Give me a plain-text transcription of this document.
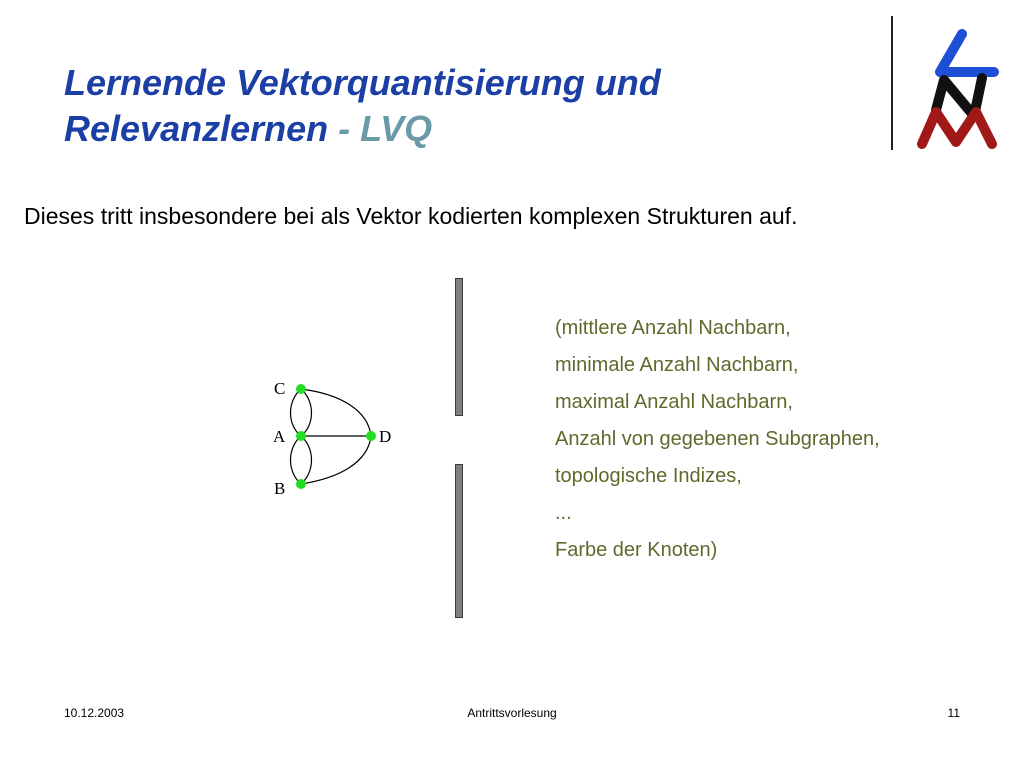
Lernende Vektorquantisierung und
Relevanzlernen - LVQ
Dieses tritt insbesondere bei als Vektor kodierten komplexen Strukturen auf.
C
A	D
B
(mittlere Anzahl Nachbarn,
minimale Anzahl Nachbarn,
maximal Anzahl Nachbarn,
Anzahl von gegebenen Subgraphen,
topologische Indizes,
...
Farbe der Knoten)
10.12.2003	Antrittsvorlesung	11
